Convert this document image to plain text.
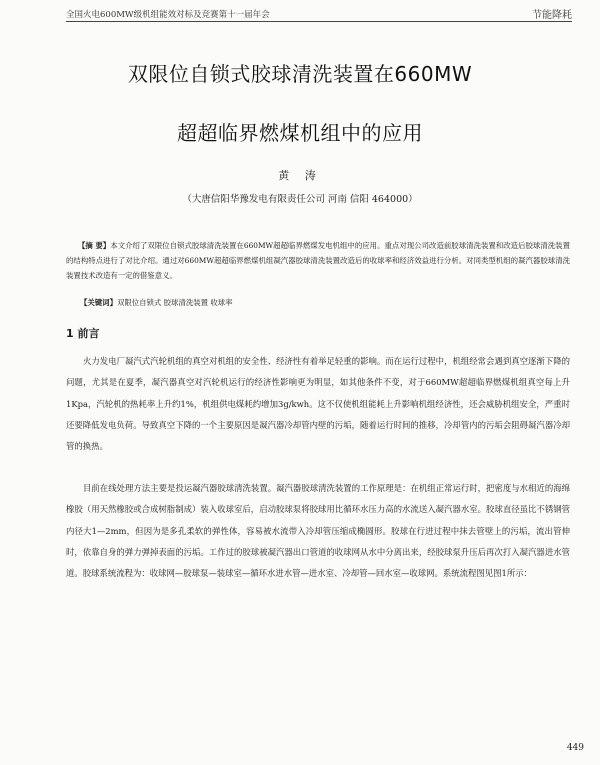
全国火电600MW级机组能效对标及竞赛第十一届年会	节能降耗
双限位自锁式胶球清洗装置在660MW
超超临界燃煤机组中的应用
黄 涛
（大唐信阳华豫发电有限责任公司 河南 信阳 464000）
【摘 要】本文介绍了双限位自锁式胶球清洗装置在660MW超超临界燃煤发电机组中的应用。重点对现公司改造前胶球清洗装置和改造后胶球清洗装置的结构特点进行了对比介绍。通过对660MW超超临界燃煤机组凝汽器胶球清洗装置改造后的收球率和经济效益进行分析。对同类型机组的凝汽器胶球清洗装置技术改造有一定的借鉴意义。
【关键词】双限位自锁式 胶球清洗装置 收球率
1 前言
火力发电厂凝汽式汽轮机组的真空对机组的安全性、经济性有着举足轻重的影响。而在运行过程中，机组经常会遇到真空逐渐下降的问题，尤其是在夏季，凝汽器真空对汽轮机运行的经济性影响更为明显，如其他条件不变，对于660MW超超临界燃煤机组真空每上升1Kpa，汽轮机的热耗率上升约1%，机组供电煤耗约增加3g/kwh。这不仅使机组能耗上升影响机组经济性，还会威胁机组安全，严重时还要降低发电负荷。导致真空下降的一个主要原因是凝汽器冷却管内壁的污垢，随着运行时间的推移，冷却管内的污垢会阻碍凝汽器冷却管的换热。
目前在线处理方法主要是投运凝汽器胶球清洗装置。凝汽器胶球清洗装置的工作原理是：在机组正常运行时，把密度与水相近的海绵橡胶（用天然橡胶或合成树脂制成）装入收球室后，启动胶球泵将胶球用比循环水压力高的水流送入凝汽器水室。胶球直径虽比不锈钢管内径大1—2mm，但因为是多孔柔软的弹性体，容易被水流带入冷却管压缩成椭圆形。胶球在行进过程中抹去管壁上的污垢，流出管伸时，依靠自身的弹力弹掉表面的污垢。工作过的胶球被凝汽器出口管道的收球网从水中分离出来，经胶球泵升压后再次打入凝汽器进水管道。胶球系统流程为：收球网—胶球泵—装球室—循环水进水管—进水室、冷却管—回水室—收球网。系统流程图见图1所示：
449
